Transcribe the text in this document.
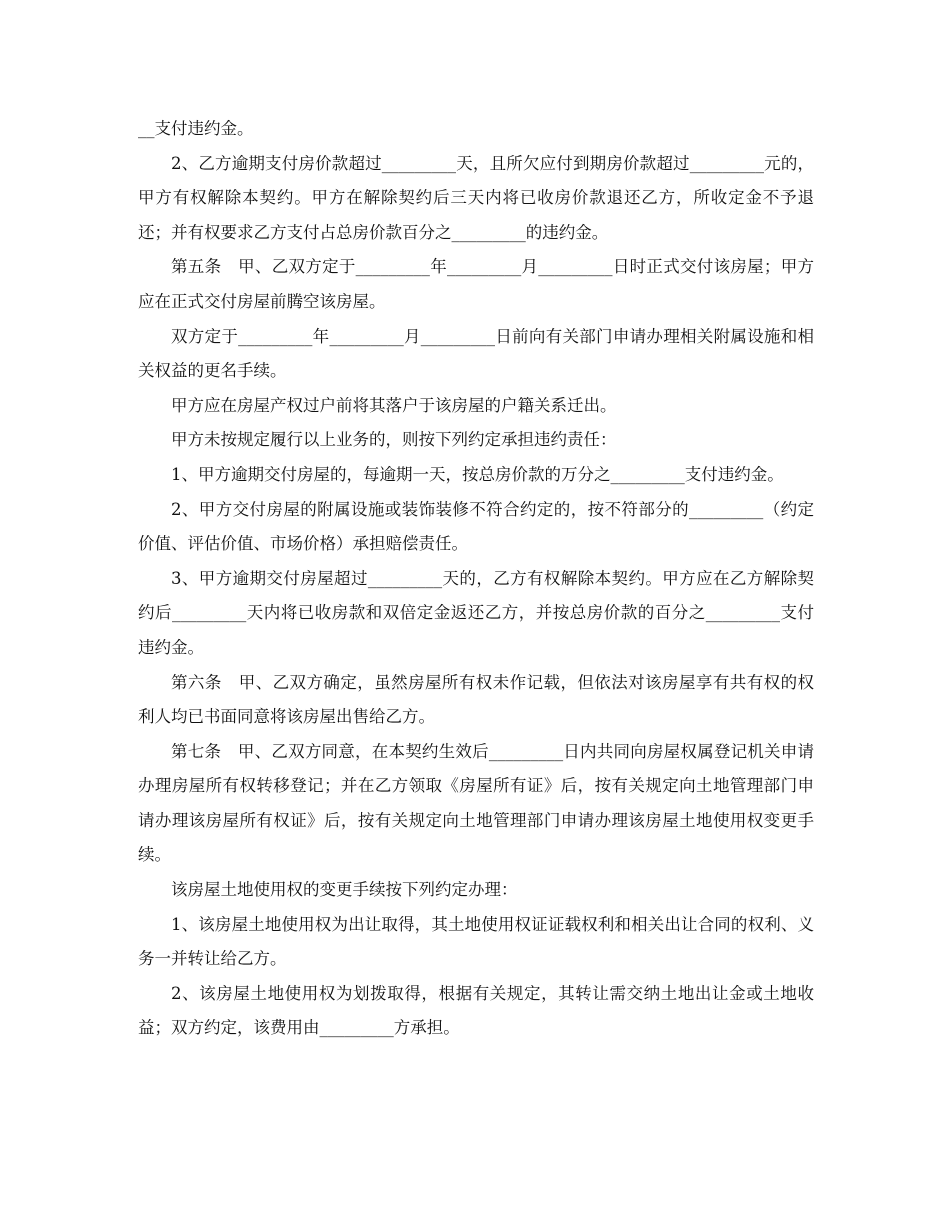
__支付违约金。

2、乙方逾期支付房价款超过_________天，且所欠应付到期房价款超过_________元的，甲方有权解除本契约。甲方在解除契约后三天内将已收房价款退还乙方，所收定金不予退还；并有权要求乙方支付占总房价款百分之_________的违约金。

第五条　甲、乙双方定于_________年_________月_________日时正式交付该房屋；甲方应在正式交付房屋前腾空该房屋。

双方定于_________年_________月_________日前向有关部门申请办理相关附属设施和相关权益的更名手续。

甲方应在房屋产权过户前将其落户于该房屋的户籍关系迁出。

甲方未按规定履行以上业务的，则按下列约定承担违约责任：

1、甲方逾期交付房屋的，每逾期一天，按总房价款的万分之_________支付违约金。

2、甲方交付房屋的附属设施或装饰装修不符合约定的，按不符部分的_________（约定价值、评估价值、市场价格）承担赔偿责任。

3、甲方逾期交付房屋超过_________天的，乙方有权解除本契约。甲方应在乙方解除契约后_________天内将已收房款和双倍定金返还乙方，并按总房价款的百分之_________支付违约金。

第六条　甲、乙双方确定，虽然房屋所有权未作记载，但依法对该房屋享有共有权的权利人均已书面同意将该房屋出售给乙方。

第七条　甲、乙双方同意，在本契约生效后_________日内共同向房屋权属登记机关申请办理房屋所有权转移登记；并在乙方领取《房屋所有证》后，按有关规定向土地管理部门申请办理该房屋所有权证》后，按有关规定向土地管理部门申请办理该房屋土地使用权变更手续。

该房屋土地使用权的变更手续按下列约定办理：

1、该房屋土地使用权为出让取得，其土地使用权证证载权利和相关出让合同的权利、义务一并转让给乙方。

2、该房屋土地使用权为划拨取得，根据有关规定，其转让需交纳土地出让金或土地收益；双方约定，该费用由_________方承担。
